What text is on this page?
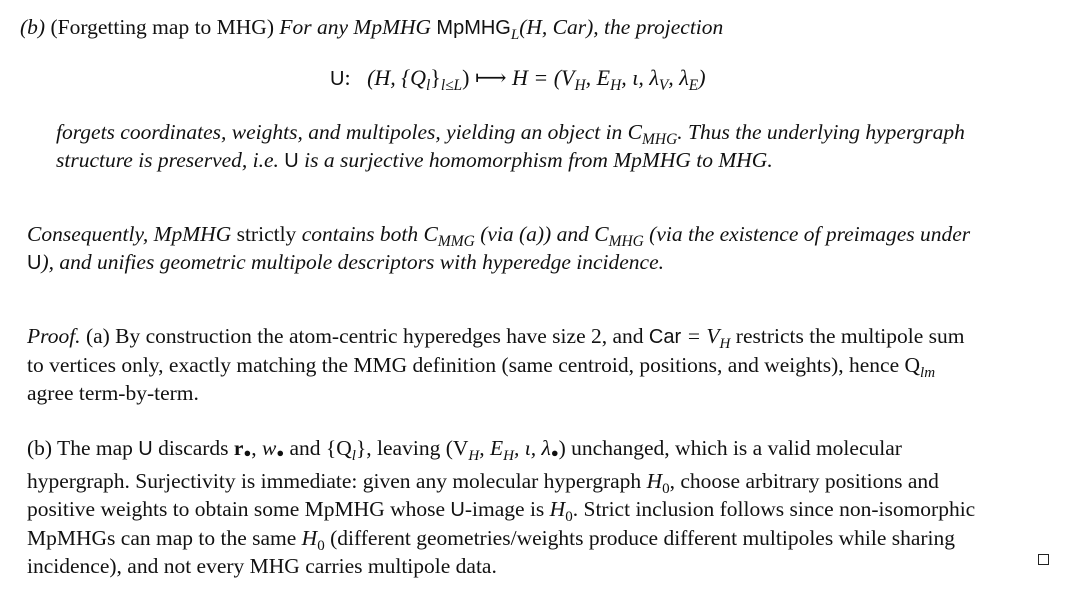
(b) (Forgetting map to MHG) For any MpMHG MpMHG$_L$(H, Car), the projection
U:   (H, $\{Q_l\}_{l\le L}$) ⟼ $H = (V_H$, $E_H$, ι, $\lambda_V$, $\lambda_E$)
forgets coordinates, weights, and multipoles, yielding an object in $C_{MHG}$. Thus the underlying hypergraph
structure is preserved, i.e. U is a surjective homomorphism from MpMHG to MHG.
Consequently, MpMHG strictly contains both $C_{MMG}$ (via (a)) and $C_{MHG}$ (via the existence of preimages under
U), and unifies geometric multipole descriptors with hyperedge incidence.
Proof. (a) By construction the atom-centric hyperedges have size 2, and Car = $V_H$ restricts the multipole sum
to vertices only, exactly matching the MMG definition (same centroid, positions, and weights), hence $Q_{lm}$
agree term-by-term.
(b) The map U discards r●, w● and $\{Q_l\}$, leaving ($V_H$, $E_H$, ι, λ●) unchanged, which is a valid molecular
hypergraph. Surjectivity is immediate: given any molecular hypergraph $H_0$, choose arbitrary positions and
positive weights to obtain some MpMHG whose U-image is $H_0$. Strict inclusion follows since non-isomorphic
MpMHGs can map to the same $H_0$ (different geometries/weights produce different multipoles while sharing
incidence), and not every MHG carries multipole data.
